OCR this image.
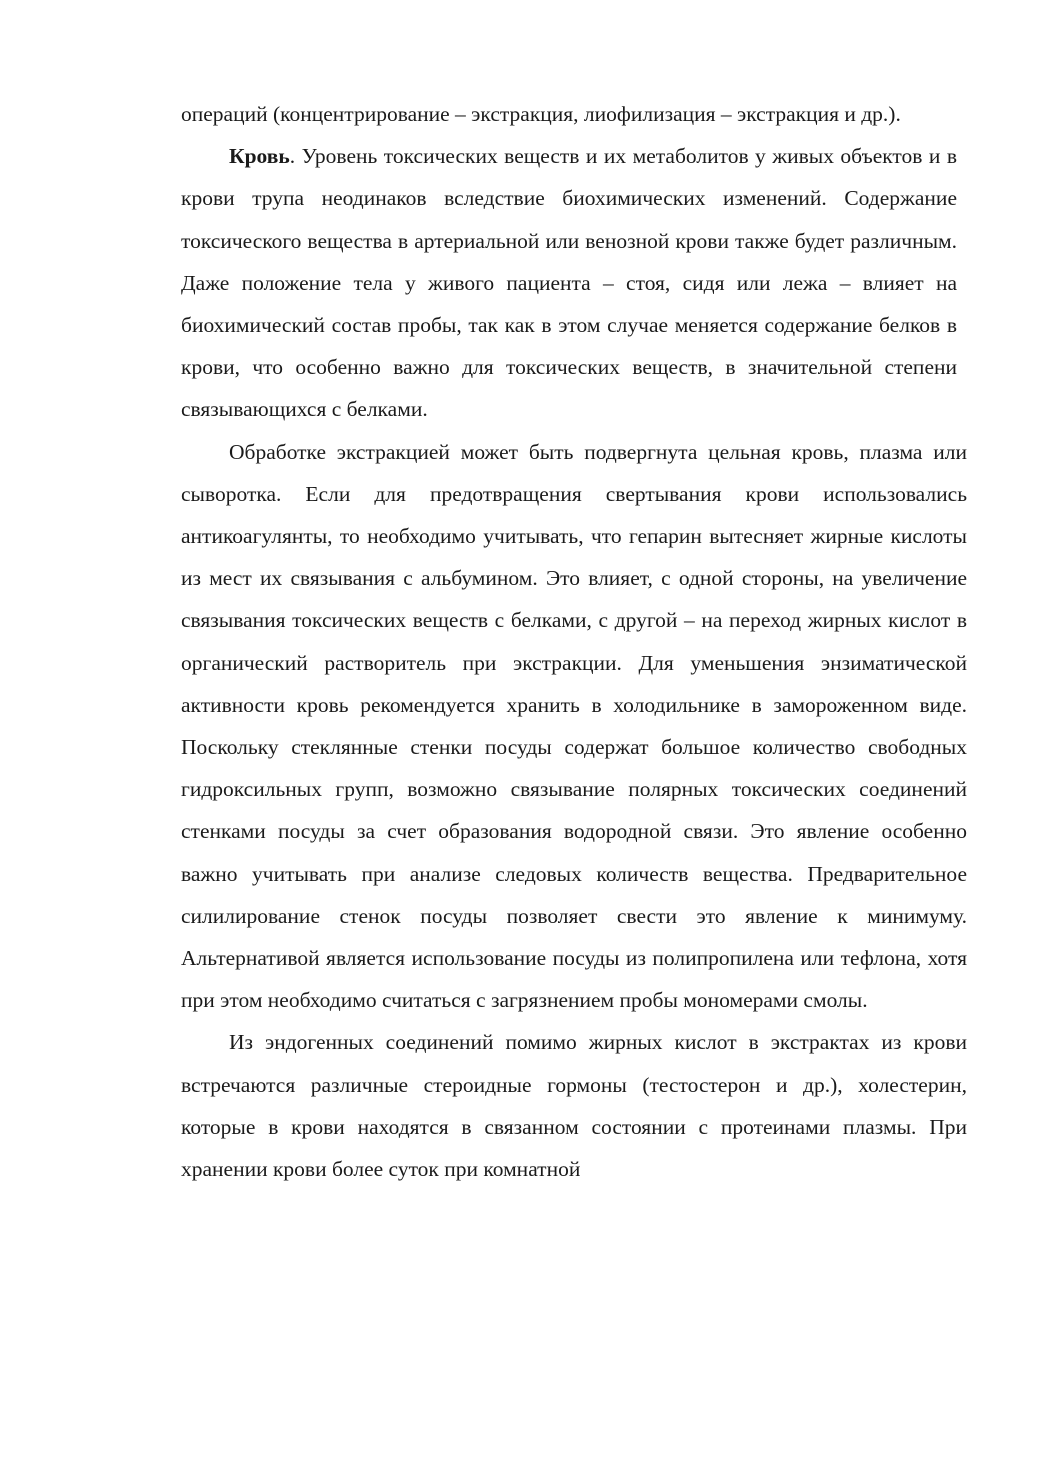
операций (концентрирование – экстракция, лиофилизация – экстракция и др.).

Кровь. Уровень токсических веществ и их метаболитов у живых объектов и в крови трупа неодинаков вследствие биохимических изменений. Содержание токсического вещества в артериальной или венозной крови также будет различным. Даже положение тела у живого пациента – стоя, сидя или лежа – влияет на биохимический состав пробы, так как в этом случае меняется содержание белков в крови, что особенно важно для токсических веществ, в значительной степени связывающихся с белками.

Обработке экстракцией может быть подвергнута цельная кровь, плазма или сыворотка. Если для предотвращения свертывания крови использовались антикоагулянты, то необходимо учитывать, что гепарин вытесняет жирные кислоты из мест их связывания с альбумином. Это влияет, с одной стороны, на увеличение связывания токсических веществ с белками, с другой – на переход жирных кислот в органический растворитель при экстракции. Для уменьшения энзиматической активности кровь рекомендуется хранить в холодильнике в замороженном виде. Поскольку стеклянные стенки посуды содержат большое количество свободных гидроксильных групп, возможно связывание полярных токсических соединений стенками посуды за счет образования водородной связи. Это явление особенно важно учитывать при анализе следовых количеств вещества. Предварительное силилирование стенок посуды позволяет свести это явление к минимуму. Альтернативой является использование посуды из полипропилена или тефлона, хотя при этом необходимо считаться с загрязнением пробы мономерами смолы.

Из эндогенных соединений помимо жирных кислот в экстрактах из крови встречаются различные стероидные гормоны (тестостерон и др.), холестерин, которые в крови находятся в связанном состоянии с протеинами плазмы. При хранении крови более суток при комнатной
